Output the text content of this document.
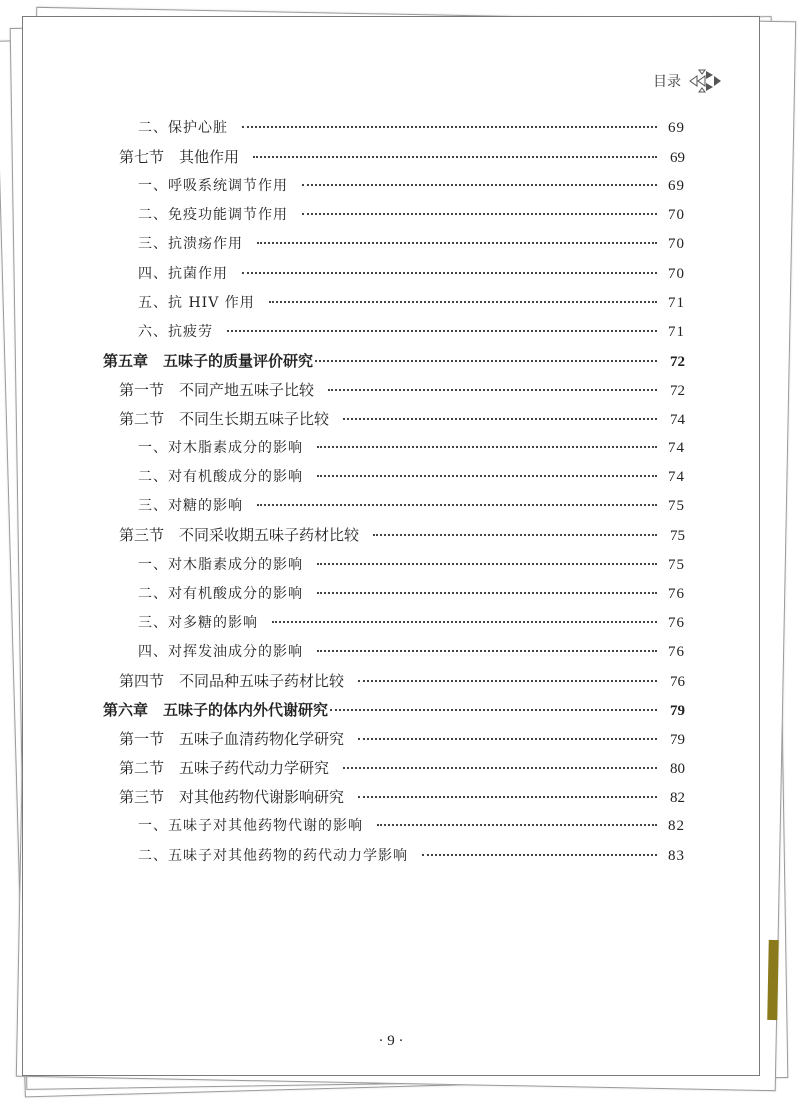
目录
二、保护心脏	69
第七节　其他作用	69
一、呼吸系统调节作用	69
二、免疫功能调节作用	70
三、抗溃疡作用	70
四、抗菌作用	70
五、抗 HIV 作用	71
六、抗疲劳	71
第五章　五味子的质量评价研究	72
第一节　不同产地五味子比较	72
第二节　不同生长期五味子比较	74
一、对木脂素成分的影响	74
二、对有机酸成分的影响	74
三、对糖的影响	75
第三节　不同采收期五味子药材比较	75
一、对木脂素成分的影响	75
二、对有机酸成分的影响	76
三、对多糖的影响	76
四、对挥发油成分的影响	76
第四节　不同品种五味子药材比较	76
第六章　五味子的体内外代谢研究	79
第一节　五味子血清药物化学研究	79
第二节　五味子药代动力学研究	80
第三节　对其他药物代谢影响研究	82
一、五味子对其他药物代谢的影响	82
二、五味子对其他药物的药代动力学影响	83
· 9 ·
